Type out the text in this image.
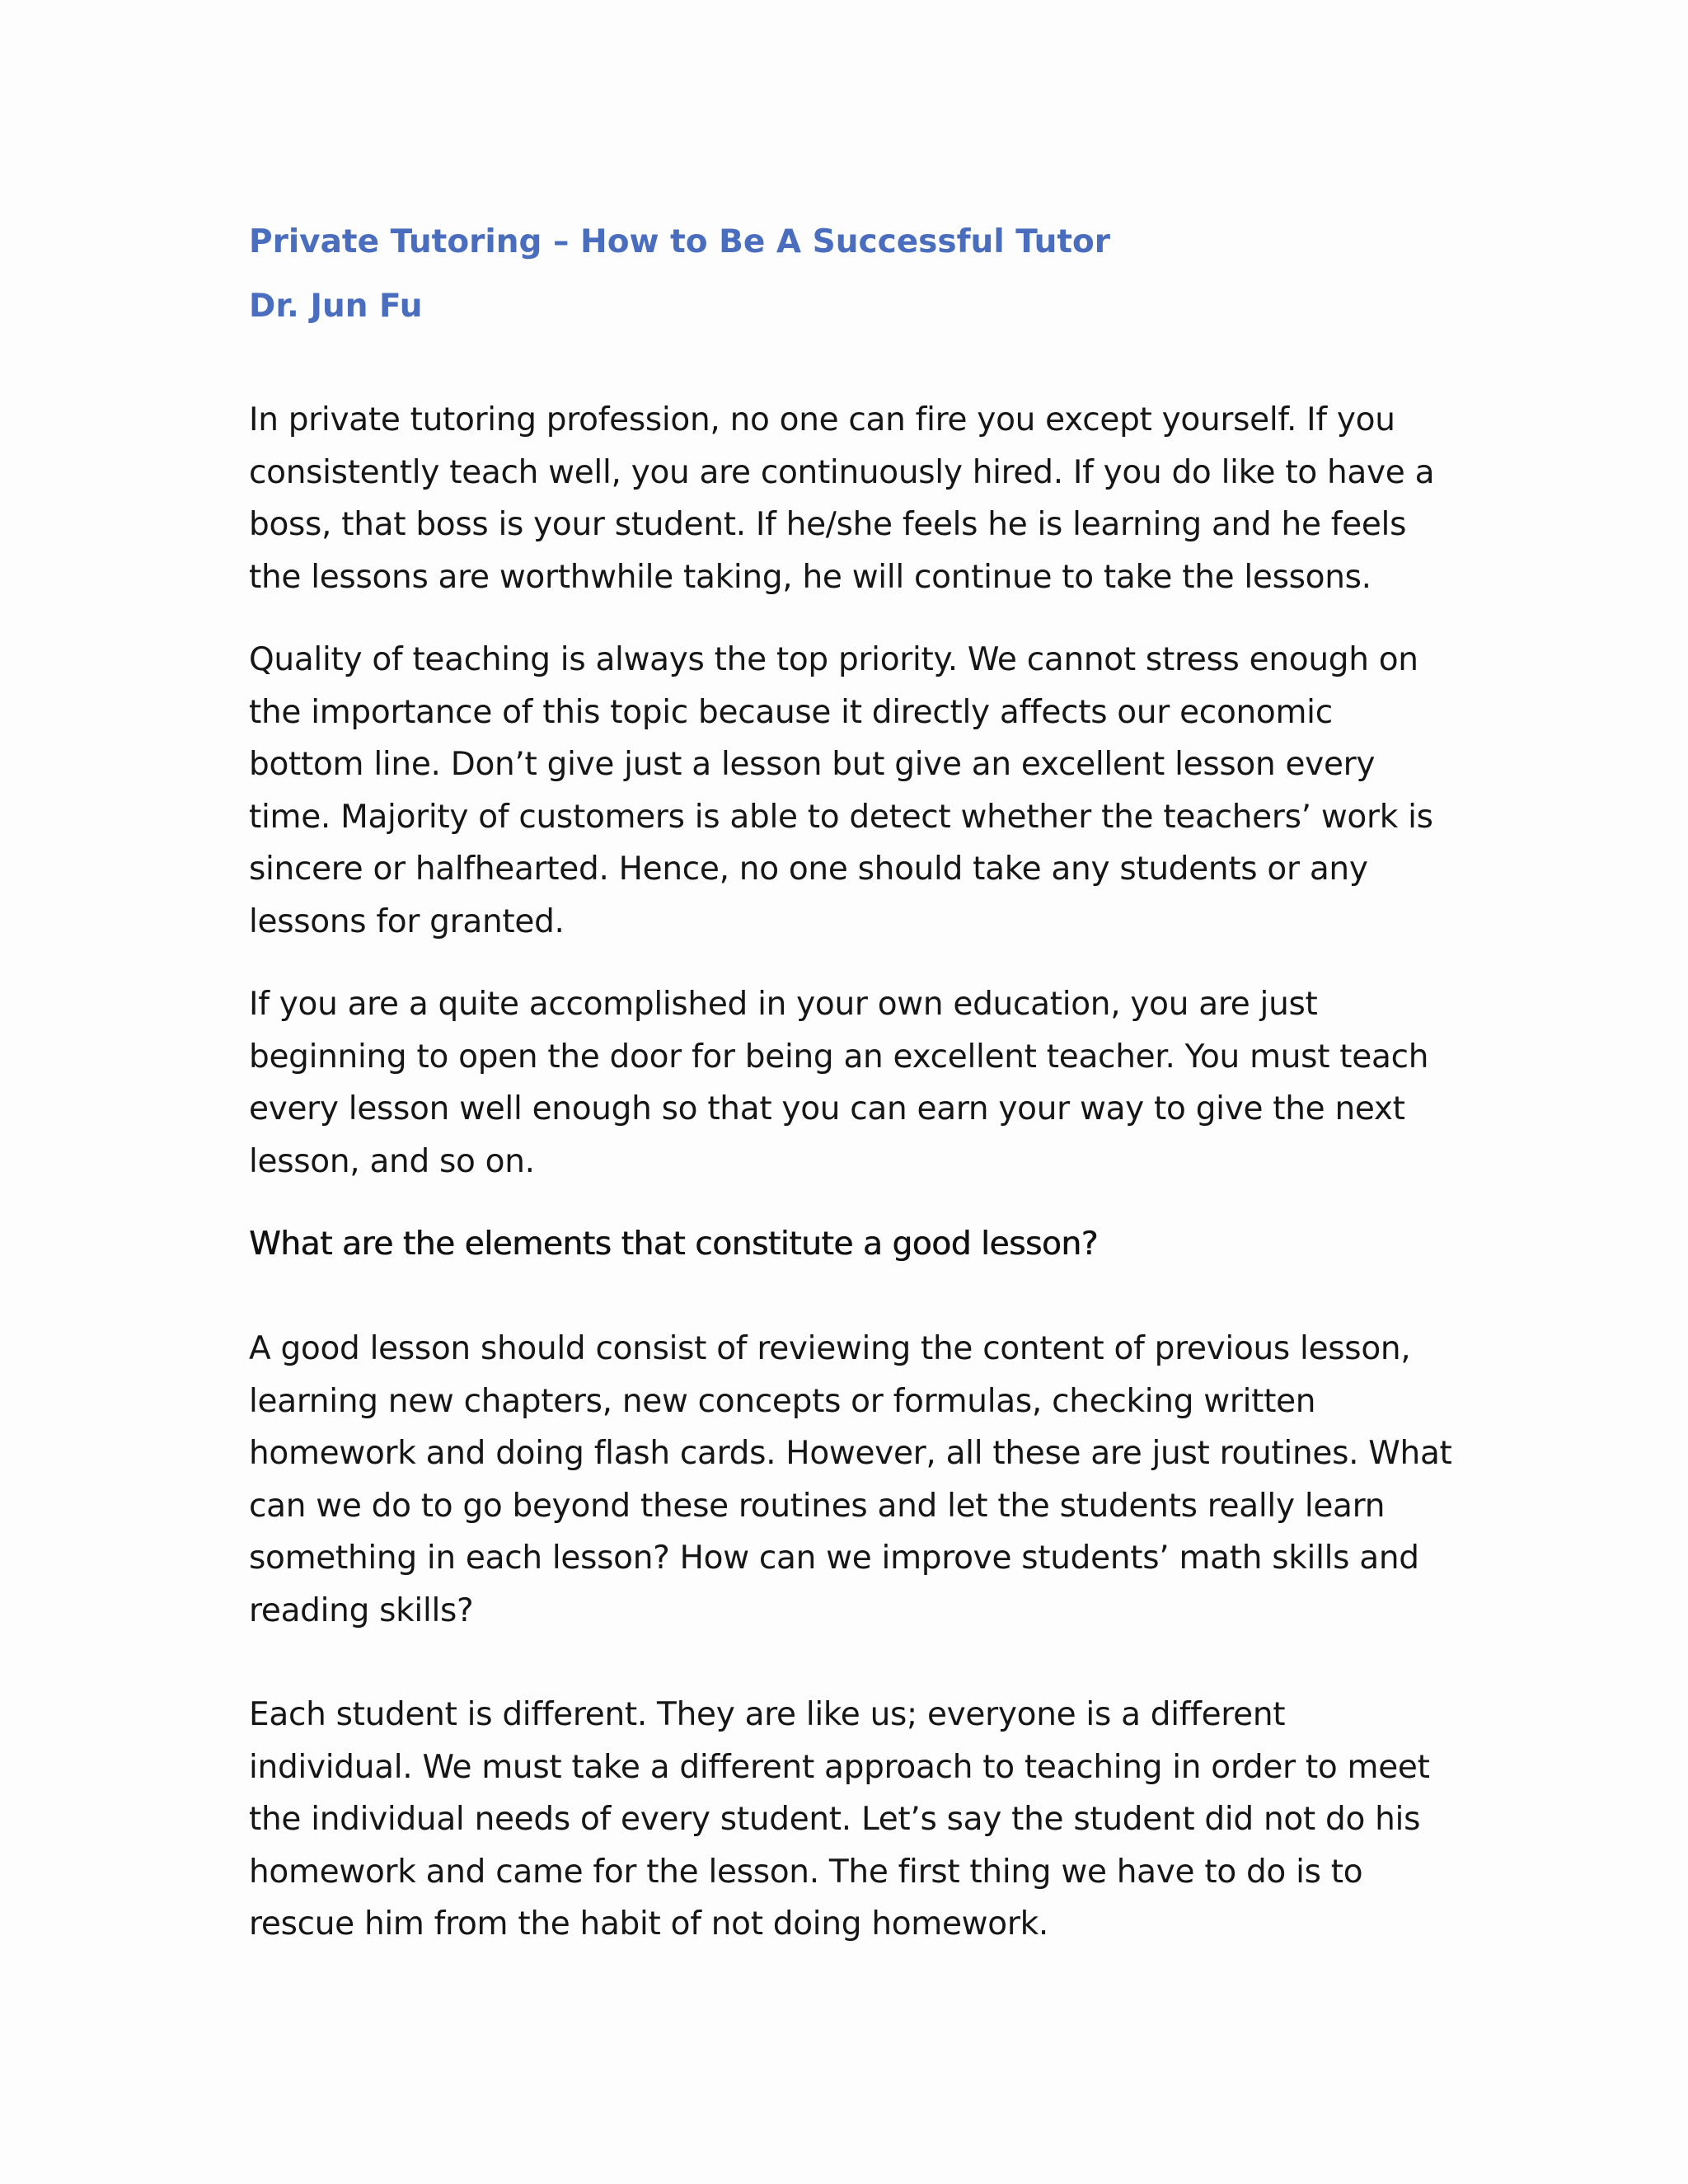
Private Tutoring – How to Be A Successful Tutor
Dr. Jun Fu

In private tutoring profession, no one can fire you except yourself. If you consistently teach well, you are continuously hired. If you do like to have a boss, that boss is your student. If he/she feels he is learning and he feels the lessons are worthwhile taking, he will continue to take the lessons.

Quality of teaching is always the top priority. We cannot stress enough on the importance of this topic because it directly affects our economic bottom line. Don’t give just a lesson but give an excellent lesson every time. Majority of customers is able to detect whether the teachers’ work is sincere or halfhearted. Hence, no one should take any students or any lessons for granted.

If you are a quite accomplished in your own education, you are just beginning to open the door for being an excellent teacher. You must teach every lesson well enough so that you can earn your way to give the next lesson, and so on.

What are the elements that constitute a good lesson?

A good lesson should consist of reviewing the content of previous lesson, learning new chapters, new concepts or formulas, checking written homework and doing flash cards. However, all these are just routines. What can we do to go beyond these routines and let the students really learn something in each lesson? How can we improve students’ math skills and reading skills?

Each student is different. They are like us; everyone is a different individual. We must take a different approach to teaching in order to meet the individual needs of every student. Let’s say the student did not do his homework and came for the lesson. The first thing we have to do is to rescue him from the habit of not doing homework.
